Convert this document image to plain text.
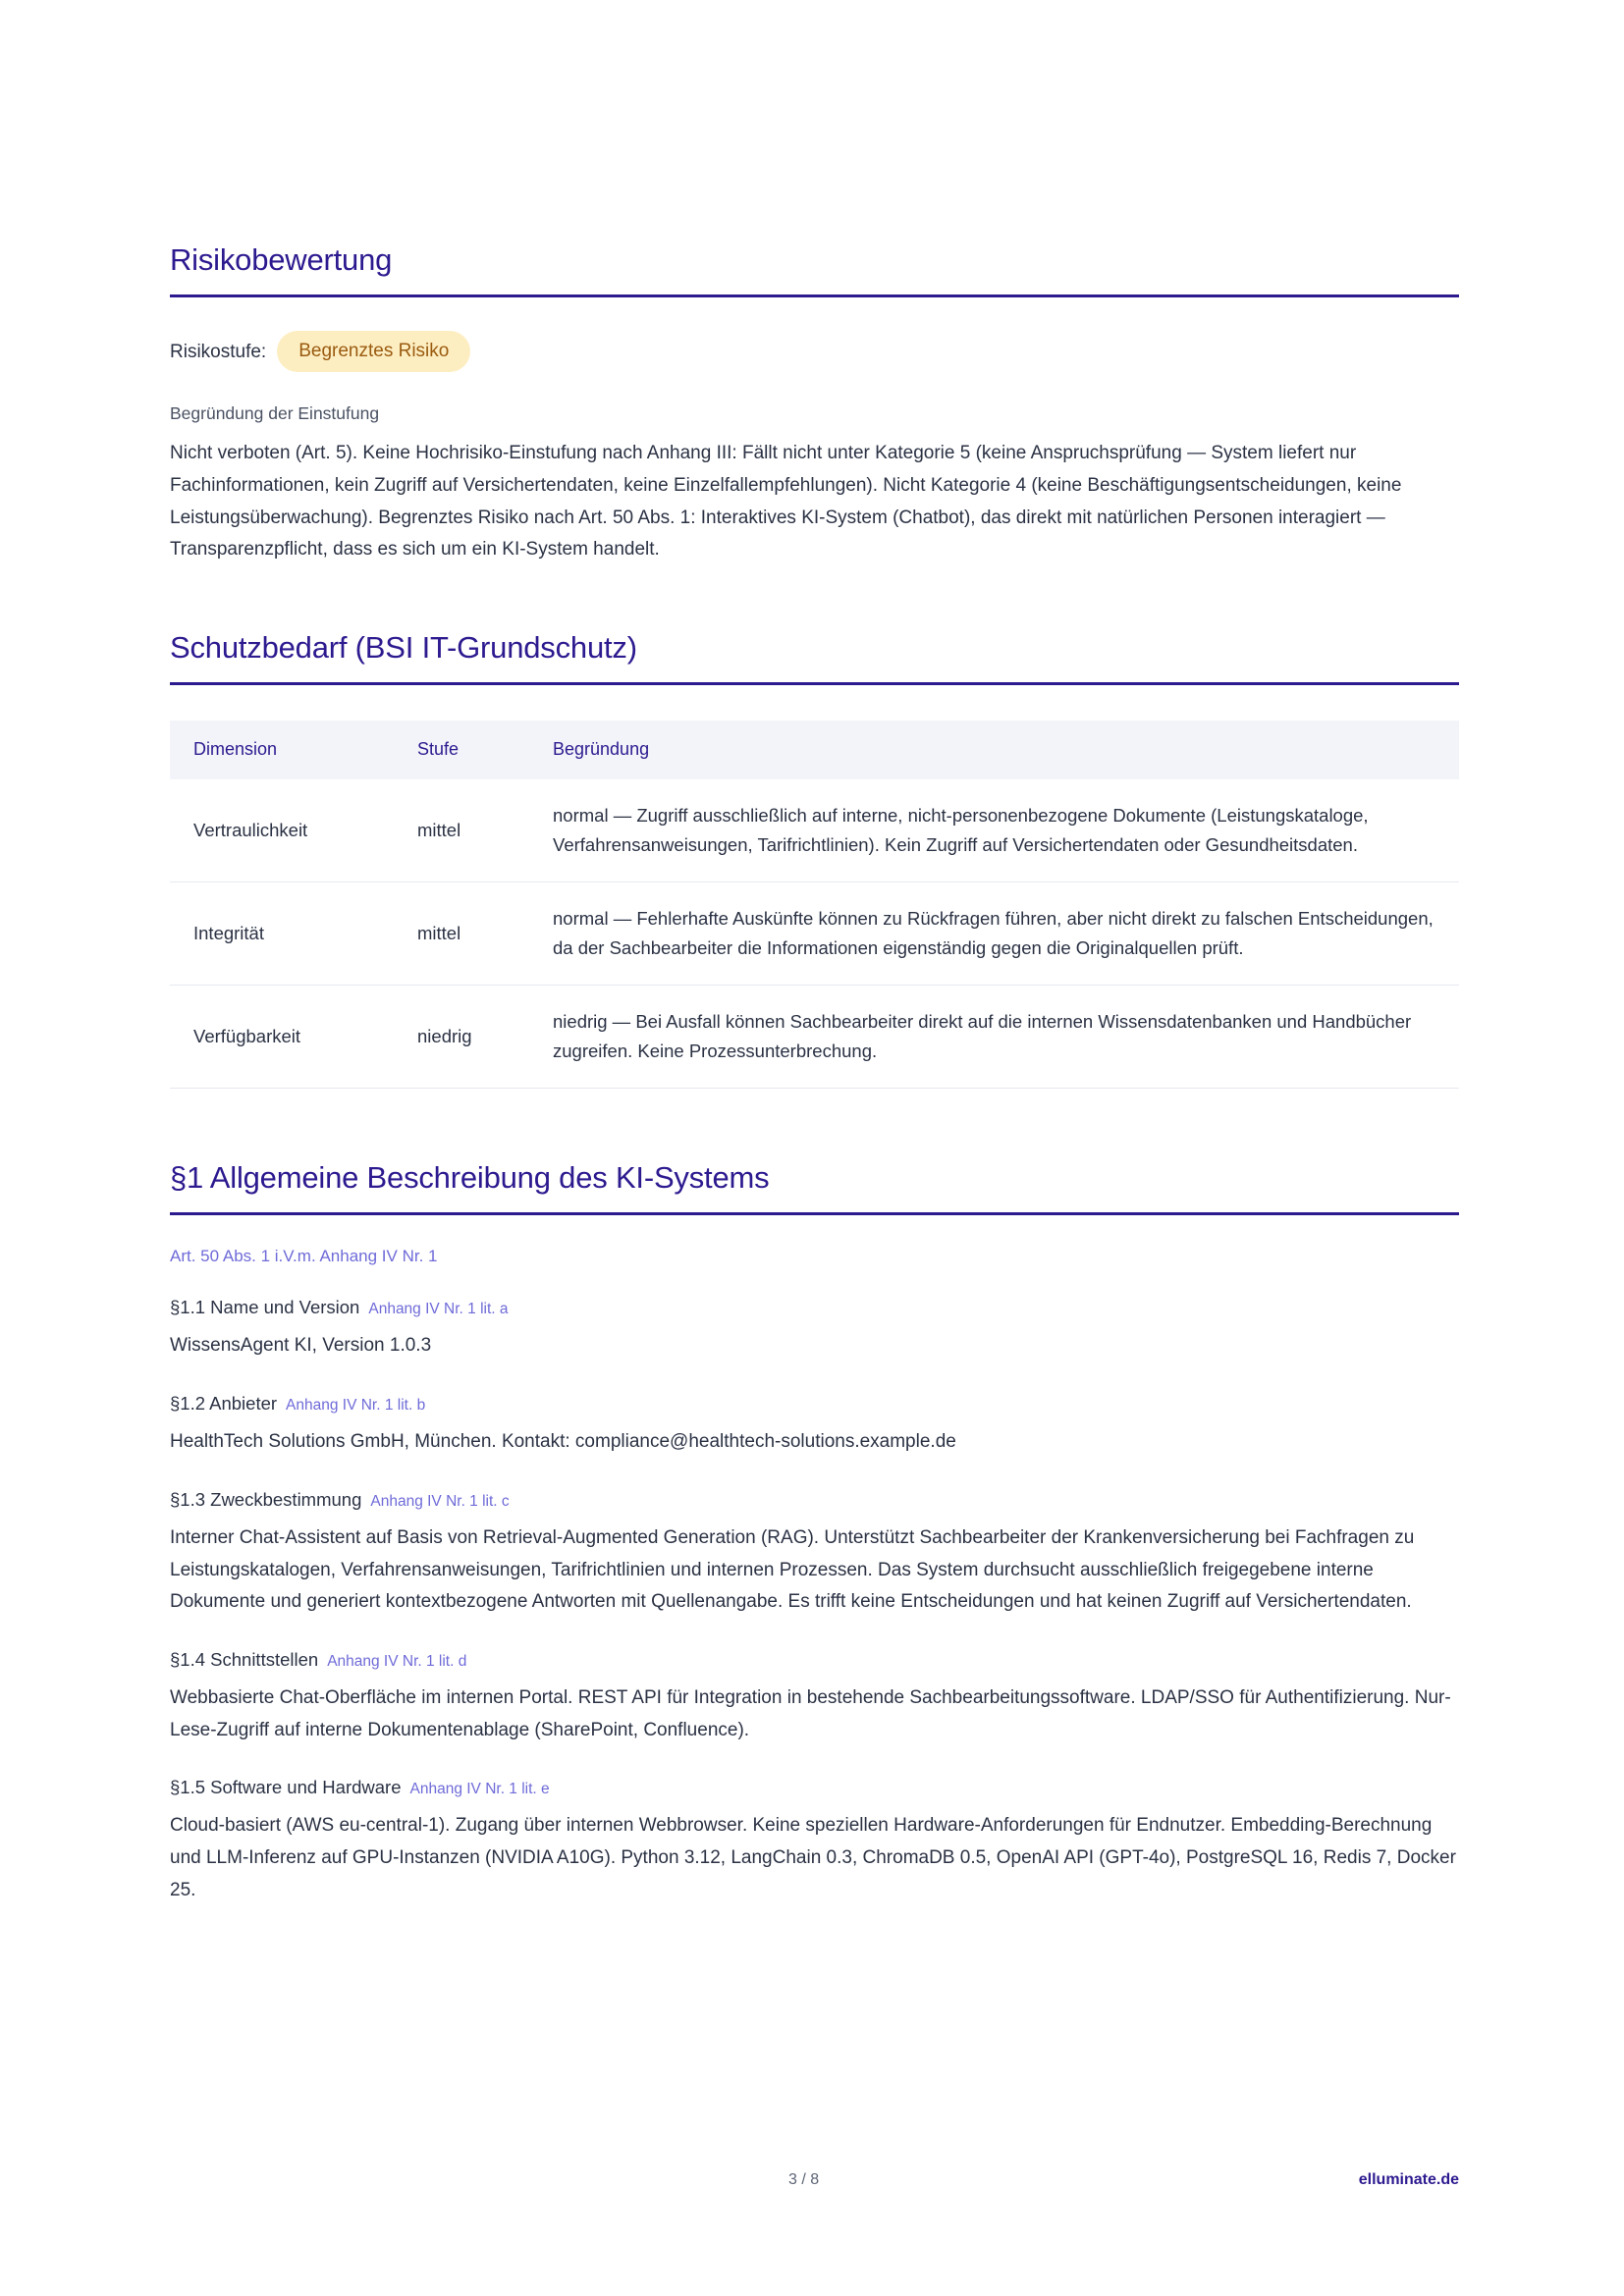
Risikobewertung
Risikostufe:	Begrenztes Risiko
Begründung der Einstufung

Nicht verboten (Art. 5). Keine Hochrisiko-Einstufung nach Anhang III: Fällt nicht unter Kategorie 5 (keine Anspruchsprüfung — System liefert nur Fachinformationen, kein Zugriff auf Versichertendaten, keine Einzelfallempfehlungen). Nicht Kategorie 4 (keine Beschäftigungsentscheidungen, keine Leistungsüberwachung). Begrenztes Risiko nach Art. 50 Abs. 1: Interaktives KI-System (Chatbot), das direkt mit natürlichen Personen interagiert — Transparenzpflicht, dass es sich um ein KI-System handelt.

Schutzbedarf (BSI IT-Grundschutz)
Dimension	Stufe	Begründung
Vertraulichkeit	mittel	normal — Zugriff ausschließlich auf interne, nicht-personenbezogene Dokumente (Leistungskataloge, Verfahrensanweisungen, Tarifrichtlinien). Kein Zugriff auf Versichertendaten oder Gesundheitsdaten.
Integrität	mittel	normal — Fehlerhafte Auskünfte können zu Rückfragen führen, aber nicht direkt zu falschen Entscheidungen, da der Sachbearbeiter die Informationen eigenständig gegen die Originalquellen prüft.
Verfügbarkeit	niedrig	niedrig — Bei Ausfall können Sachbearbeiter direkt auf die internen Wissensdatenbanken und Handbücher zugreifen. Keine Prozessunterbrechung.
§1 Allgemeine Beschreibung des KI-Systems
Art. 50 Abs. 1 i.V.m. Anhang IV Nr. 1
§1.1 Name und Version Anhang IV Nr. 1 lit. a
WissensAgent KI, Version 1.0.3
§1.2 Anbieter Anhang IV Nr. 1 lit. b
HealthTech Solutions GmbH, München. Kontakt: compliance@healthtech-solutions.example.de
§1.3 Zweckbestimmung Anhang IV Nr. 1 lit. c
Interner Chat-Assistent auf Basis von Retrieval-Augmented Generation (RAG). Unterstützt Sachbearbeiter der Krankenversicherung bei Fachfragen zu Leistungskatalogen, Verfahrensanweisungen, Tarifrichtlinien und internen Prozessen. Das System durchsucht ausschließlich freigegebene interne Dokumente und generiert kontextbezogene Antworten mit Quellenangabe. Es trifft keine Entscheidungen und hat keinen Zugriff auf Versichertendaten.
§1.4 Schnittstellen Anhang IV Nr. 1 lit. d
Webbasierte Chat-Oberfläche im internen Portal. REST API für Integration in bestehende Sachbearbeitungssoftware. LDAP/SSO für Authentifizierung. Nur-Lese-Zugriff auf interne Dokumentenablage (SharePoint, Confluence).
§1.5 Software und Hardware Anhang IV Nr. 1 lit. e
Cloud-basiert (AWS eu-central-1). Zugang über internen Webbrowser. Keine speziellen Hardware-Anforderungen für Endnutzer. Embedding-Berechnung und LLM-Inferenz auf GPU-Instanzen (NVIDIA A10G). Python 3.12, LangChain 0.3, ChromaDB 0.5, OpenAI API (GPT-4o), PostgreSQL 16, Redis 7, Docker 25.
3 / 8	elluminate.de
